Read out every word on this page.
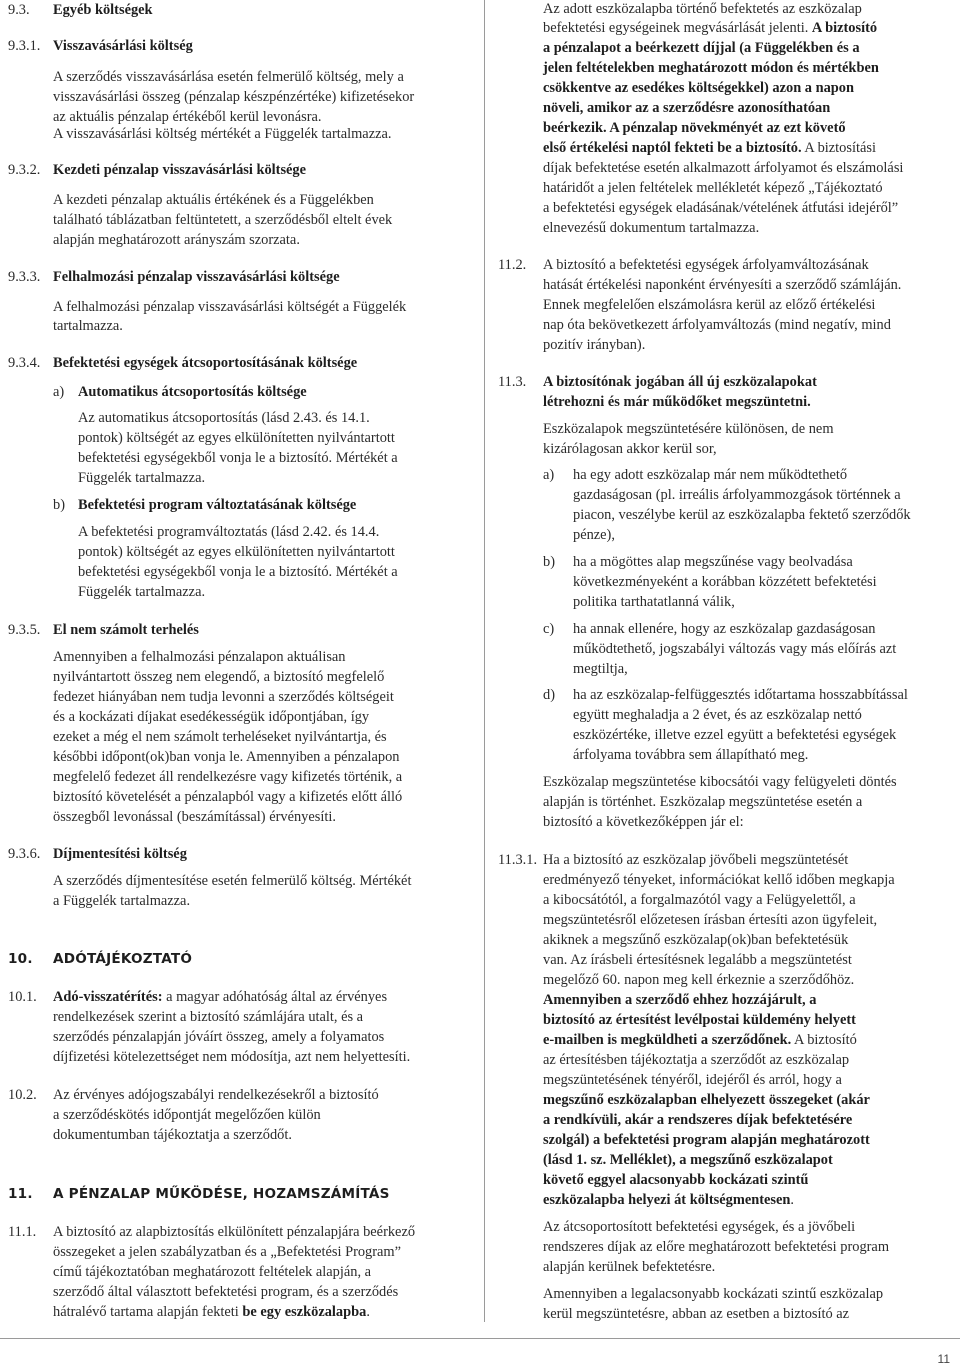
9.3.	Egyéb költségek
9.3.1. Visszavásárlási költség
A szerződés visszavásárlása esetén felmerülő költség, mely a
visszavásárlási összeg (pénzalap készpénzértéke) kifizetésekor
az aktuális pénzalap értékéből kerül levonásra.
A visszavásárlási költség mértékét a Függelék tartalmazza.
9.3.2. Kezdeti pénzalap visszavásárlási költsége
A kezdeti pénzalap aktuális értékének és a Függelékben
található táblázatban feltüntetett, a szerződésből eltelt évek
alapján meghatározott arányszám szorzata.
9.3.3. Felhalmozási pénzalap visszavásárlási költsége
A felhalmozási pénzalap visszavásárlási költségét a Függelék
tartalmazza.
9.3.4. Befektetési egységek átcsoportosításának költsége
a) Automatikus átcsoportosítás költsége
Az automatikus átcsoportosítás (lásd 2.43. és 14.1.
pontok) költségét az egyes elkülönítetten nyilvántartott
befektetési egységekből vonja le a biztosító. Mértékét a
Függelék tartalmazza.
b) Befektetési program változtatásának költsége
A befektetési programváltoztatás (lásd 2.42. és 14.4.
pontok) költségét az egyes elkülönítetten nyilvántartott
befektetési egységekből vonja le a biztosító. Mértékét a
Függelék tartalmazza.
9.3.5. El nem számolt terhelés
Amennyiben a felhalmozási pénzalapon aktuálisan
nyilvántartott összeg nem elegendő, a biztosító megfelelő
fedezet hiányában nem tudja levonni a szerződés költségeit
és a kockázati díjakat esedékességük időpontjában, így
ezeket a még el nem számolt terheléseket nyilvántartja, és
későbbi időpont(ok)ban vonja le. Amennyiben a pénzalapon
megfelelő fedezet áll rendelkezésre vagy kifizetés történik, a
biztosító követelését a pénzalapból vagy a kifizetés előtt álló
összegből levonással (beszámítással) érvényesíti.
9.3.6. Díjmentesítési költség
A szerződés díjmentesítése esetén felmerülő költség. Mértékét
a Függelék tartalmazza.
10.	ADÓTÁJÉKOZTATÓ
10.1.	Adó-visszatérítés: a magyar adóhatóság által az érvényes
rendelkezések szerint a biztosító számlájára utalt, és a
szerződés pénzalapján jóváírt összeg, amely a folyamatos
díjfizetési kötelezettséget nem módosítja, azt nem helyettesíti.
10.2.	Az érvényes adójogszabályi rendelkezésekről a biztosító
a szerződéskötés időpontját megelőzően külön
dokumentumban tájékoztatja a szerződőt.
11.	A PÉNZALAP MŰKÖDÉSE, HOZAMSZÁMÍTÁS
11.1.	A biztosító az alapbiztosítás elkülönített pénzalapjára beérkező
összegeket a jelen szabályzatban és a „Befektetési Program”
című tájékoztatóban meghatározott feltételek alapján, a
szerződő által választott befektetési program, és a szerződés
hátralévő tartama alapján fekteti be egy eszközalapba.
Az adott eszközalapba történő befektetés az eszközalap
befektetési egységeinek megvásárlását jelenti. A biztosító
a pénzalapot a beérkezett díjjal (a Függelékben és a
jelen feltételekben meghatározott módon és mértékben
csökkentve az esedékes költségekkel) azon a napon
növeli, amikor az a szerződésre azonosíthatóan
beérkezik. A pénzalap növekményét az ezt követő
első értékelési naptól fekteti be a biztosító. A biztosítási
díjak befektetése esetén alkalmazott árfolyamot és elszámolási
határidőt a jelen feltételek mellékletét képező „Tájékoztató
a befektetési egységek eladásának/vételének átfutási idejéről”
elnevezésű dokumentum tartalmazza.
11.2.	A biztosító a befektetési egységek árfolyamváltozásának
hatását értékelési naponként érvényesíti a szerződő számláján.
Ennek megfelelően elszámolásra kerül az előző értékelési
nap óta bekövetkezett árfolyamváltozás (mind negatív, mind
pozitív irányban).
11.3.	A biztosítónak jogában áll új eszközalapokat
létrehozni és már működőket megszüntetni.
Eszközalapok megszüntetésére különösen, de nem
kizárólagosan akkor kerül sor,
a)	ha egy adott eszközalap már nem működtethető
gazdaságosan (pl. irreális árfolyammozgások történnek a
piacon, veszélybe kerül az eszközalapba fektető szerződők
pénze),
b)	ha a mögöttes alap megszűnése vagy beolvadása
következményeként a korábban közzétett befektetési
politika tarthatatlanná válik,
c)	ha annak ellenére, hogy az eszközalap gazdaságosan
működtethető, jogszabályi változás vagy más előírás azt
megtiltja,
d)	ha az eszközalap-felfüggesztés időtartama hosszabbítással
együtt meghaladja a 2 évet, és az eszközalap nettó
eszközértéke, illetve ezzel együtt a befektetési egységek
árfolyama továbbra sem állapítható meg.
Eszközalap megszüntetése kibocsátói vagy felügyeleti döntés
alapján is történhet. Eszközalap megszüntetése esetén a
biztosító a következőképpen jár el:
11.3.1. Ha a biztosító az eszközalap jövőbeli megszüntetését
eredményező tényeket, információkat kellő időben megkapja
a kibocsátótól, a forgalmazótól vagy a Felügyelettől, a
megszüntetésről előzetesen írásban értesíti azon ügyfeleit,
akiknek a megszűnő eszközalap(ok)ban befektetésük
van. Az írásbeli értesítésnek legalább a megszüntetést
megelőző 60. napon meg kell érkeznie a szerződőhöz.
Amennyiben a szerződő ehhez hozzájárult, a
biztosító az értesítést levélpostai küldemény helyett
e-mailben is megküldheti a szerződőnek. A biztosító
az értesítésben tájékoztatja a szerződőt az eszközalap
megszüntetésének tényéről, idejéről és arról, hogy a
megszűnő eszközalapban elhelyezett összegeket (akár
a rendkívüli, akár a rendszeres díjak befektetésére
szolgál) a befektetési program alapján meghatározott
(lásd 1. sz. Melléklet), a megszűnő eszközalapot
követő eggyel alacsonyabb kockázati szintű
eszközalapba helyezi át költségmentesen.
Az átcsoportosított befektetési egységek, és a jövőbeli
rendszeres díjak az előre meghatározott befektetési program
alapján kerülnek befektetésre.
Amennyiben a legalacsonyabb kockázati szintű eszközalap
kerül megszüntetésre, abban az esetben a biztosító az
11
